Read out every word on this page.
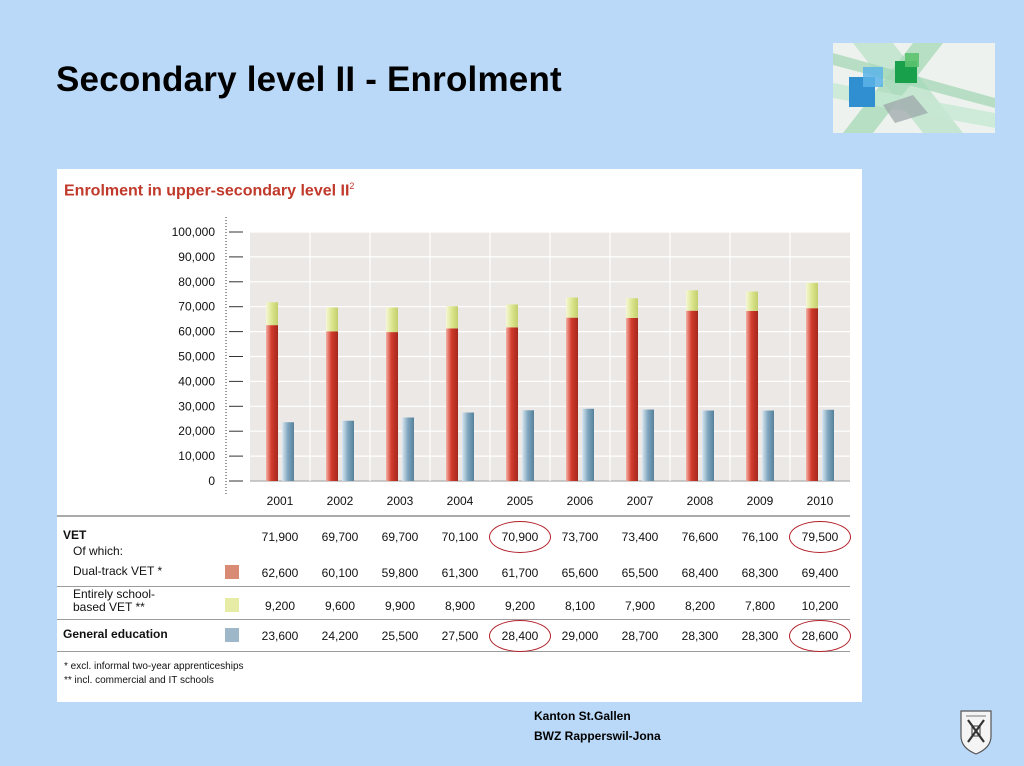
Secondary level II - Enrolment
100,000
90,000
80,000
70,000
60,000
50,000
40,000
30,000
20,000
10,000
0
2001	2002	2003	2004	2005	2006	2007	2008	2009	2010
Enrolment in upper-secondary level $II^2$
VET	71,900	69,700	69,700	70,100	70,900	73,700	73,400	76,600	76,100	79,500
Dual-track VET *	62,600	60,100	59,800	61,300	61,700	65,600	65,500	68,400	68,300	69,400
Entirely school-
based VET **	9,200	9,600	9,900	8,900	9,200	8,100	7,900	8,200	7,800	10,200
General education	23,600	24,200	25,500	27,500	28,400	29,000	28,700	28,300	28,300	28,600
Of which:
* excl. informal two-year apprenticeships
** incl. commercial and IT schools
Kanton St.Gallen
BWZ Rapperswil-Jona
